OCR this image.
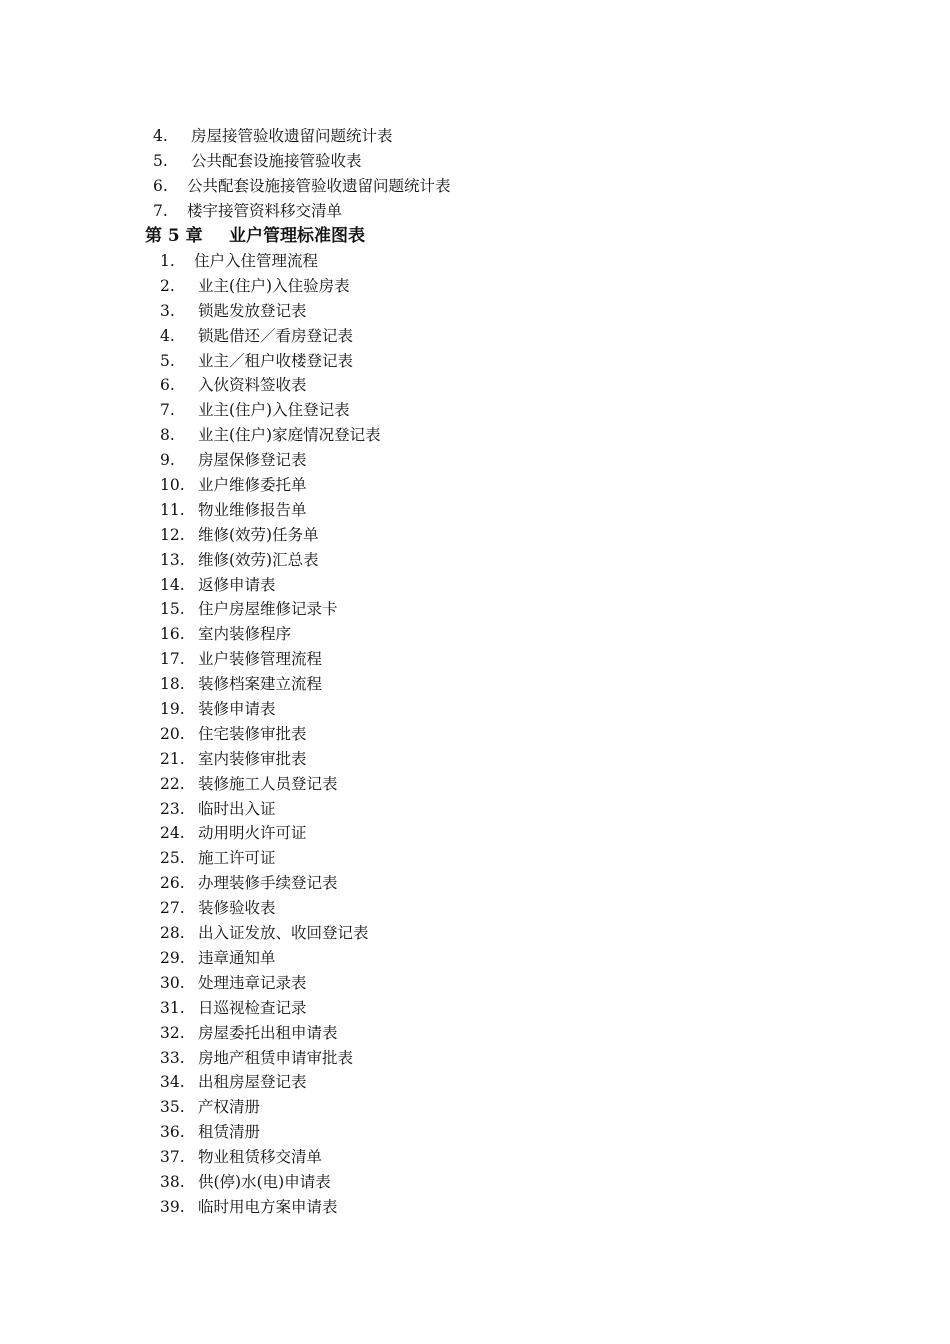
4. 房屋接管验收遗留问题统计表
5. 公共配套设施接管验收表
6. 公共配套设施接管验收遗留问题统计表
7. 楼宇接管资料移交清单
第 5 章 业户管理标准图表
1. 住户入住管理流程
2. 业主(住户)入住验房表
3. 锁匙发放登记表
4. 锁匙借还／看房登记表
5. 业主／租户收楼登记表
6. 入伙资料签收表
7. 业主(住户)入住登记表
8. 业主(住户)家庭情况登记表
9. 房屋保修登记表
10. 业户维修委托单
11. 物业维修报告单
12. 维修(效劳)任务单
13. 维修(效劳)汇总表
14. 返修申请表
15. 住户房屋维修记录卡
16. 室内装修程序
17. 业户装修管理流程
18. 装修档案建立流程
19. 装修申请表
20. 住宅装修审批表
21. 室内装修审批表
22. 装修施工人员登记表
23. 临时出入证
24. 动用明火许可证
25. 施工许可证
26. 办理装修手续登记表
27. 装修验收表
28. 出入证发放、收回登记表
29. 违章通知单
30. 处理违章记录表
31. 日巡视检查记录
32. 房屋委托出租申请表
33. 房地产租赁申请审批表
34. 出租房屋登记表
35. 产权清册
36. 租赁清册
37. 物业租赁移交清单
38. 供(停)水(电)申请表
39. 临时用电方案申请表
